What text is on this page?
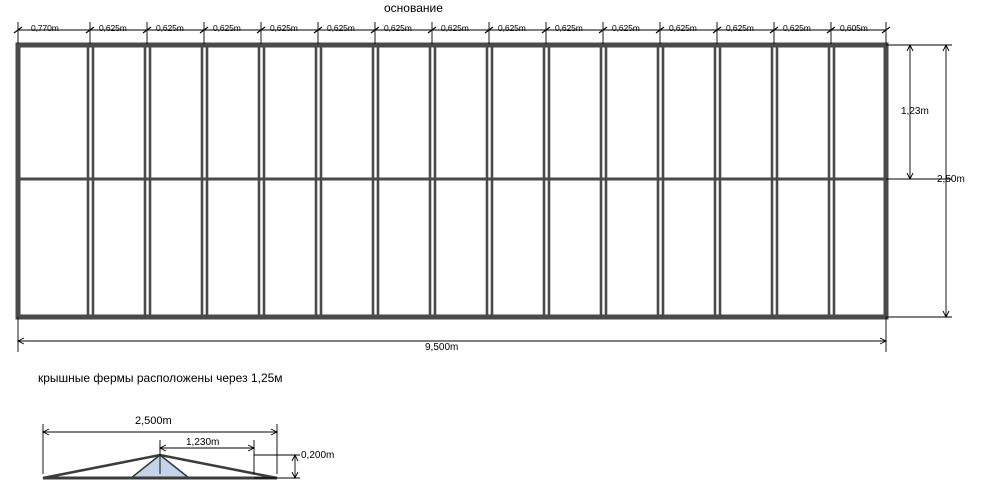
основание
крышные фермы расположены через 1,25м
0,770m	0,625m	0,625m	0,625m	0,625m	0,625m	0,625m	0,625m	0,625m	0,625m	0,625m	0,625m	0,625m	0,625m	0,605m
1,23m
2,50m
9,500m
2,500m
1,230m
0,200m
